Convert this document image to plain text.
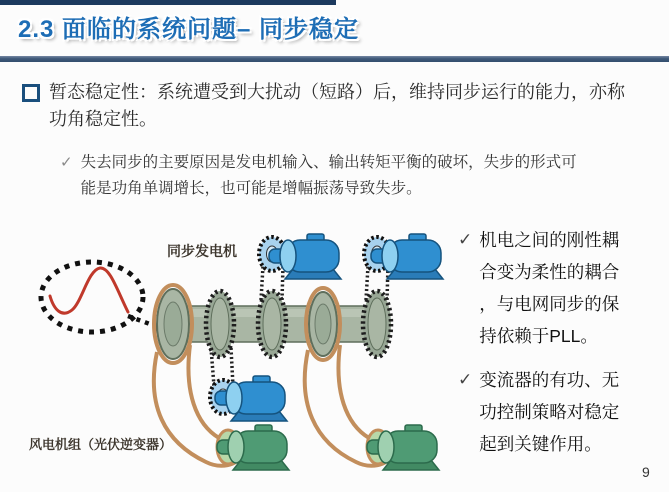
2.3 面临的系统问题– 同步稳定
暂态稳定性：系统遭受到大扰动（短路）后，维持同步运行的能力，亦称功角稳定性。
✓ 失去同步的主要原因是发电机输入、输出转矩平衡的破坏，失步的形式可能是功角单调增长，也可能是增幅振荡导致失步。
✓ 机电之间的刚性耦合变为柔性的耦合，与电网同步的保持依赖于PLL。
✓ 变流器的有功、无功控制策略对稳定起到关键作用。
同步发电机
风电机组（光伏逆变器）
9
